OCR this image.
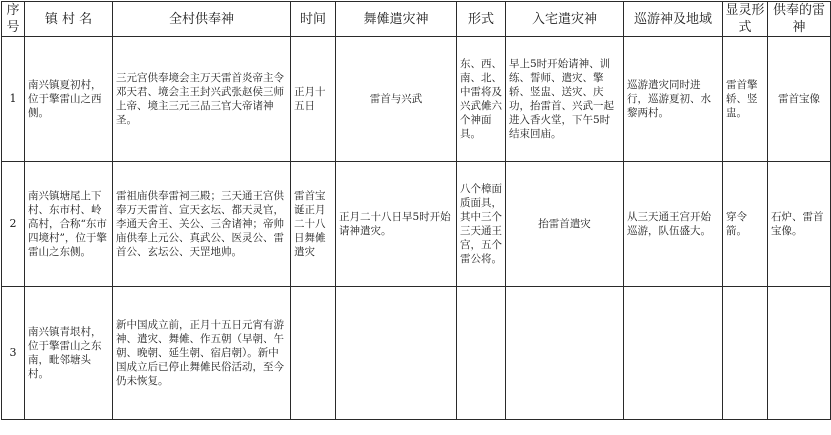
序号	镇 村 名	全村供奉神	时间	舞傩遣灾神	形式	入宅遣灾神	巡游神及地域	显灵形式	供奉的雷神
1	南兴镇夏初村，位于擎雷山之西侧。	三元宫供奉境会主万天雷首炎帝主令邓天君、境会主王封兴武张赵侯三师上帝、境主三元三品三官大帝诸神圣。	正月十五日	雷首与兴武	东、西、南、北、中雷将及兴武傩六个神面具。	早上5时开始请神、训练、誓师、遣灾、擎轿、竖盅、送灾、庆功，抬雷首、兴武一起进入香火堂，下午5时结束回庙。	巡游遣灾同时进行，巡游夏初、水黎两村。	雷首擎轿、竖盅。	雷首宝像
2	南兴镇塘尾上下村、东市村、岭高村，合称“东市四境村”，位于擎雷山之东侧。	雷祖庙供奉雷祠三殿；三天通王宫供奉万天雷首、宣天玄坛、都天灵官，李通天舍王、关公、三舍诸神；帝帅庙供奉上元公、真武公、医灵公、雷首公、玄坛公、天罡地帅。	雷首宝诞正月二十八日舞傩遣灾	正月二十八日早5时开始请神遣灾。	八个樟面质面具，其中三个三天通王宫，五个雷公将。	抬雷首遣灾	从三天通王宫开始巡游，队伍盛大。	穿令箭。	石炉、雷首宝像。
3	南兴镇青垠村，位于擎雷山之东南，毗邻塘头村。	新中国成立前，正月十五日元宵有游神、遣灾、舞傩、作五朝（早朝、午朝、晚朝、延生朝、宿启朝）。新中国成立后已停止舞傩民俗活动，至今仍未恢复。							
